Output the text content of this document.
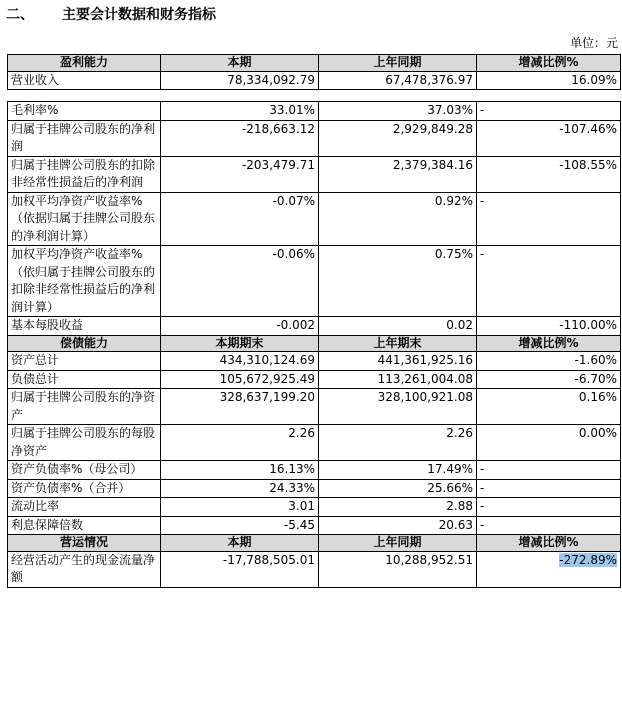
二、 主要会计数据和财务指标
单位：元
盈利能力	本期	上年同期	增减比例%
营业收入	78,334,092.79	67,478,376.97	16.09%
毛利率%	33.01%	37.03%	-
归属于挂牌公司股东的净利润	-218,663.12	2,929,849.28	-107.46%
归属于挂牌公司股东的扣除非经常性损益后的净利润	-203,479.71	2,379,384.16	-108.55%
加权平均净资产收益率%（依据归属于挂牌公司股东的净利润计算）	-0.07%	0.92%	-
加权平均净资产收益率%（依归属于挂牌公司股东的扣除非经常性损益后的净利润计算）	-0.06%	0.75%	-
基本每股收益	-0.002	0.02	-110.00%
偿债能力	本期期末	上年期末	增减比例%
资产总计	434,310,124.69	441,361,925.16	-1.60%
负债总计	105,672,925.49	113,261,004.08	-6.70%
归属于挂牌公司股东的净资产	328,637,199.20	328,100,921.08	0.16%
归属于挂牌公司股东的每股净资产	2.26	2.26	0.00%
资产负债率%（母公司）	16.13%	17.49%	-
资产负债率%（合并）	24.33%	25.66%	-
流动比率	3.01	2.88	-
利息保障倍数	-5.45	20.63	-
营运情况	本期	上年同期	增减比例%
经营活动产生的现金流量净额	-17,788,505.01	10,288,952.51	-272.89%
